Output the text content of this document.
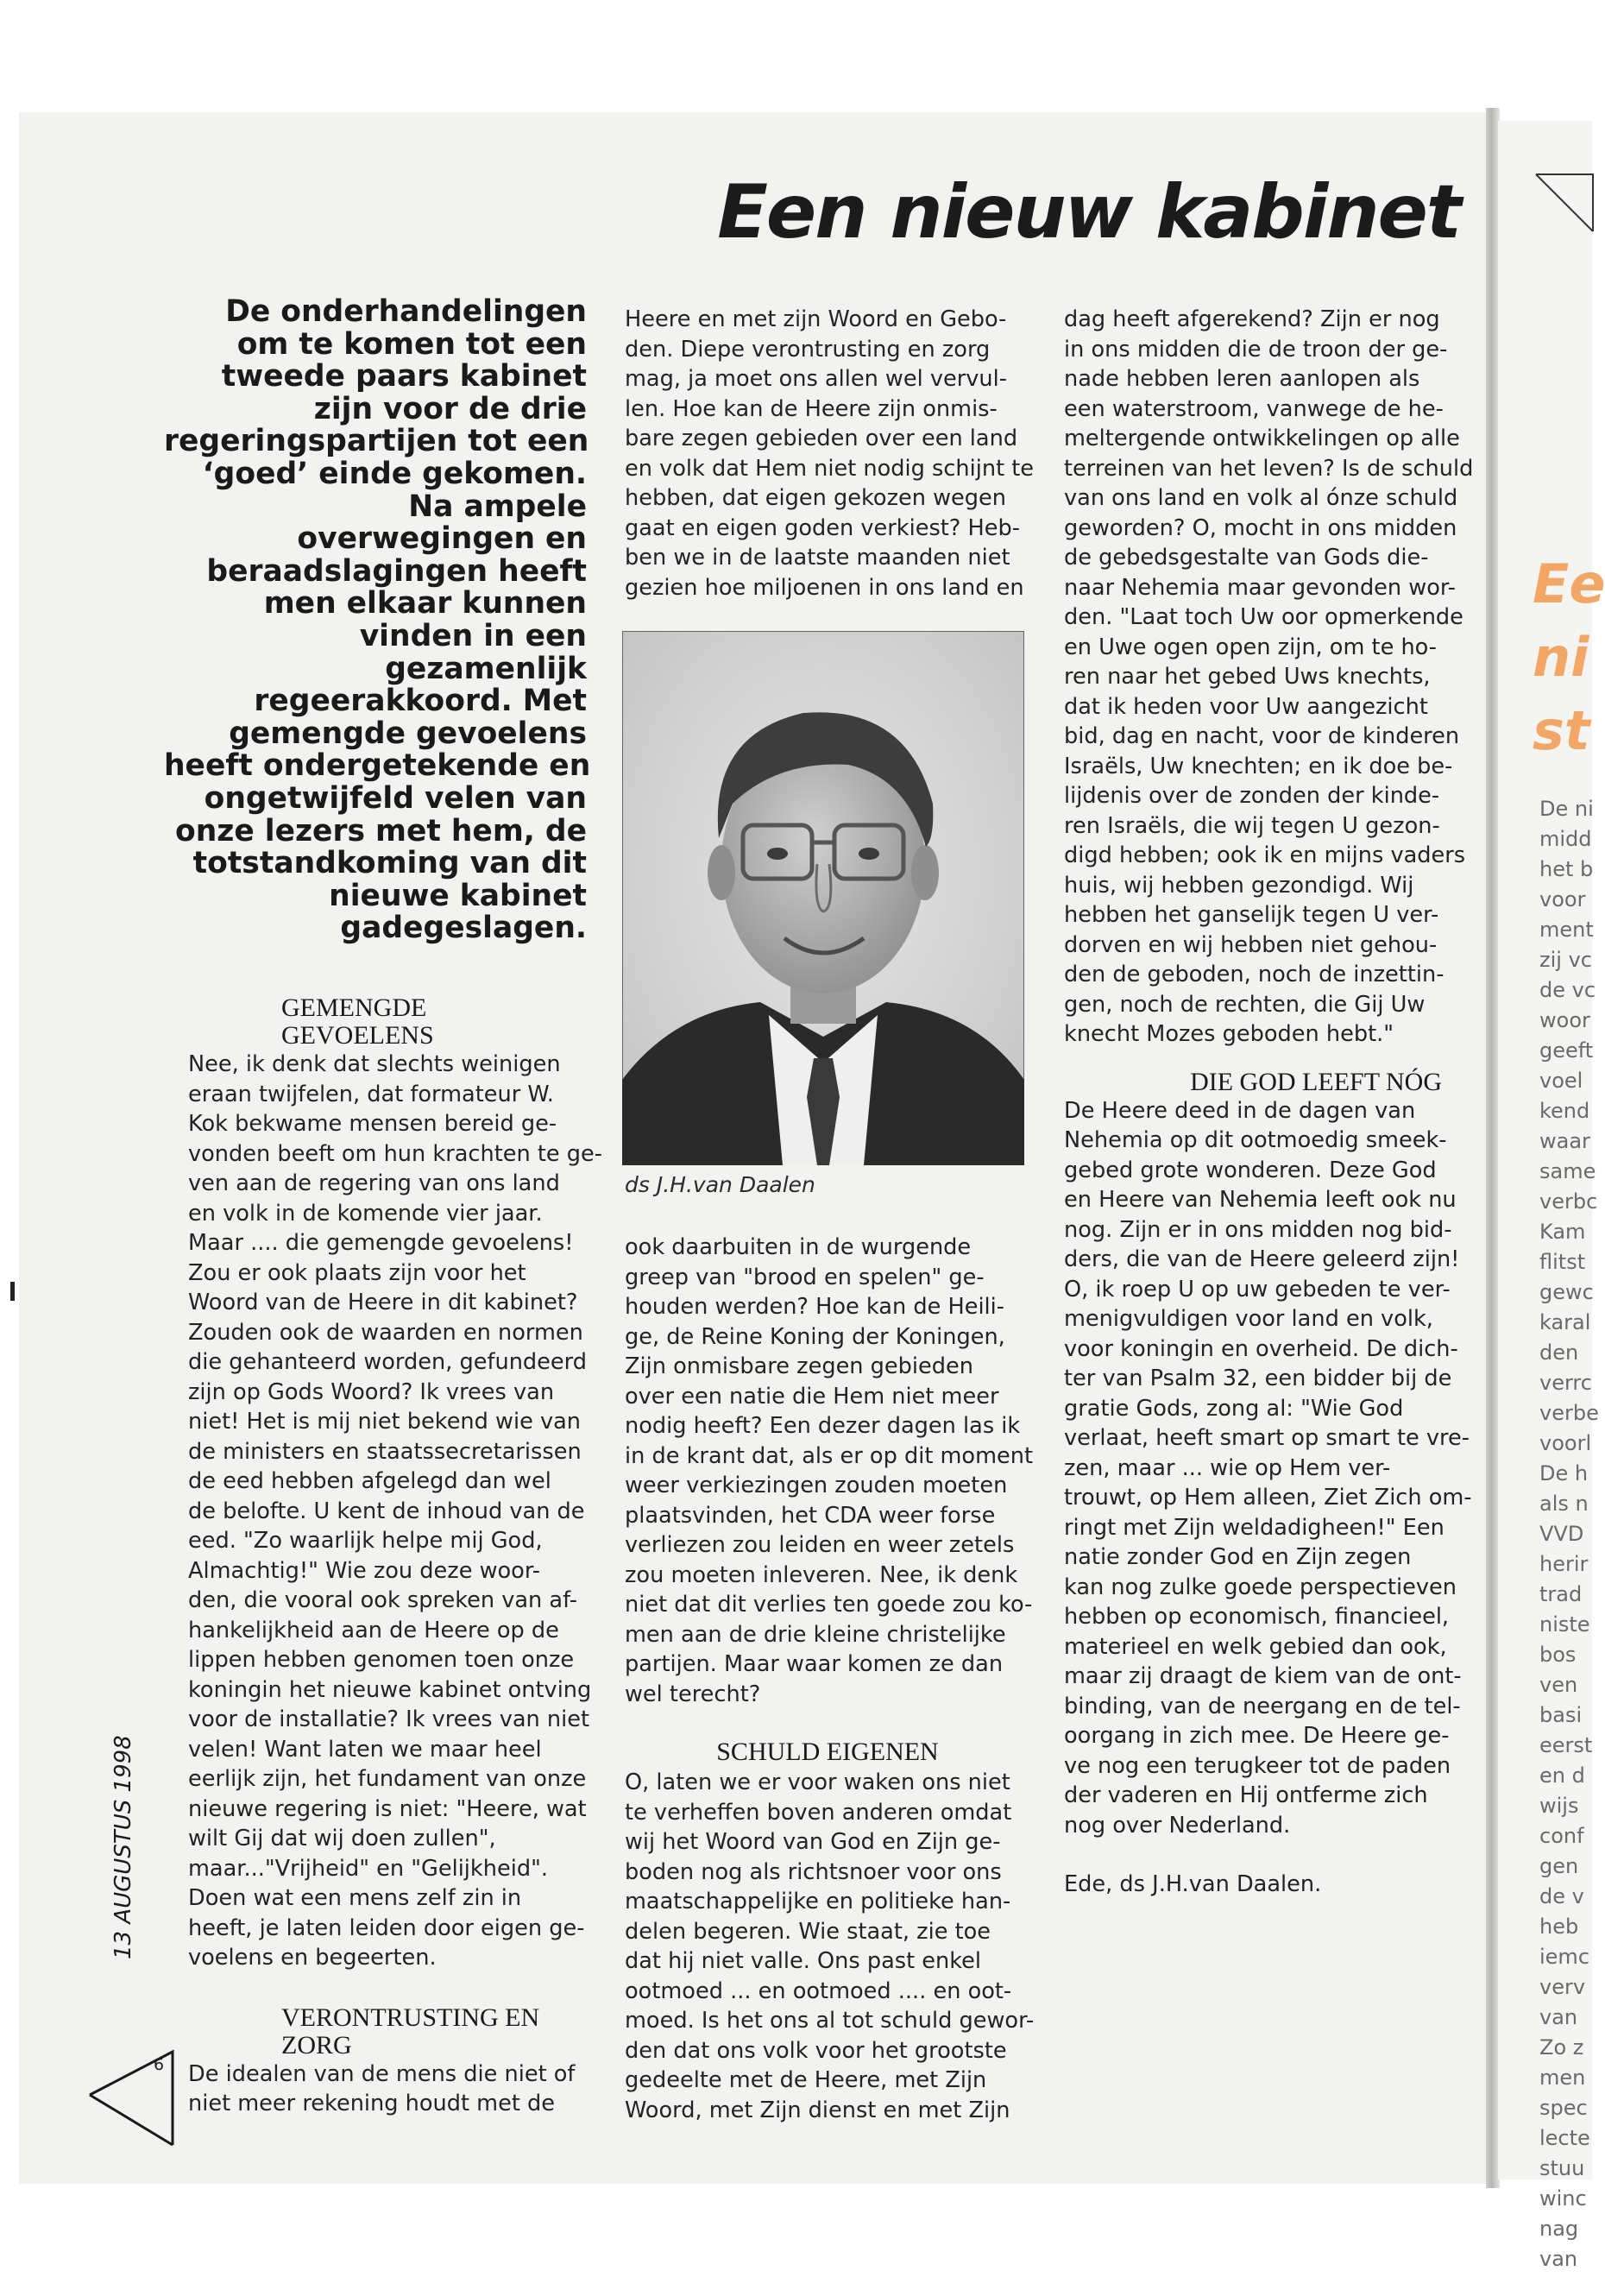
Ee
ni
st
De ni
midd
het b
voor
ment
zij vc
de vc
woor
geeft
voel
kend
waar
same
verbc
Kam
flitst
gewc
karal
den
verrc
verbe
voorl
De h
als n
VVD
herir
trad
niste
bos
ven
basi
eerst
en d
wijs
conf
gen
de v
heb
iemc
verv
van
Zo z
men
spec
lecte
stuu
winc
nag
van
Een nieuw kabinet
De onderhandelingen
om te komen tot een
tweede paars kabinet
zijn voor de drie
regeringspartijen tot een
‘goed’ einde gekomen.
Na ampele
overwegingen en
beraadslagingen heeft
men elkaar kunnen
vinden in een
gezamenlijk
regeerakkoord. Met
gemengde gevoelens
heeft ondergetekende en
ongetwijfeld velen van
onze lezers met hem, de
totstandkoming van dit
nieuwe kabinet
gadegeslagen.
GEMENGDE
GEVOELENS
Nee, ik denk dat slechts weinigen
eraan twijfelen, dat formateur W.
Kok bekwame mensen bereid ge-
vonden beeft om hun krachten te ge-
ven aan de regering van ons land
en volk in de komende vier jaar.
Maar .... die gemengde gevoelens!
Zou er ook plaats zijn voor het
Woord van de Heere in dit kabinet?
Zouden ook de waarden en normen
die gehanteerd worden, gefundeerd
zijn op Gods Woord? Ik vrees van
niet! Het is mij niet bekend wie van
de ministers en staatssecretarissen
de eed hebben afgelegd dan wel
de belofte. U kent de inhoud van de
eed. "Zo waarlijk helpe mij God,
Almachtig!" Wie zou deze woor-
den, die vooral ook spreken van af-
hankelijkheid aan de Heere op de
lippen hebben genomen toen onze
koningin het nieuwe kabinet ontving
voor de installatie? Ik vrees van niet
velen! Want laten we maar heel
eerlijk zijn, het fundament van onze
nieuwe regering is niet: "Heere, wat
wilt Gij dat wij doen zullen",
maar..."Vrijheid" en "Gelijkheid".
Doen wat een mens zelf zin in
heeft, je laten leiden door eigen ge-
voelens en begeerten.
VERONTRUSTING EN
ZORG
De idealen van de mens die niet of
niet meer rekening houdt met de
Heere en met zijn Woord en Gebo-
den. Diepe verontrusting en zorg
mag, ja moet ons allen wel vervul-
len. Hoe kan de Heere zijn onmis-
bare zegen gebieden over een land
en volk dat Hem niet nodig schijnt te
hebben, dat eigen gekozen wegen
gaat en eigen goden verkiest? Heb-
ben we in de laatste maanden niet
gezien hoe miljoenen in ons land en
ds J.H.van Daalen
ook daarbuiten in de wurgende
greep van "brood en spelen" ge-
houden werden? Hoe kan de Heili-
ge, de Reine Koning der Koningen,
Zijn onmisbare zegen gebieden
over een natie die Hem niet meer
nodig heeft? Een dezer dagen las ik
in de krant dat, als er op dit moment
weer verkiezingen zouden moeten
plaatsvinden, het CDA weer forse
verliezen zou leiden en weer zetels
zou moeten inleveren. Nee, ik denk
niet dat dit verlies ten goede zou ko-
men aan de drie kleine christelijke
partijen. Maar waar komen ze dan
wel terecht?
SCHULD EIGENEN
O, laten we er voor waken ons niet
te verheffen boven anderen omdat
wij het Woord van God en Zijn ge-
boden nog als richtsnoer voor ons
maatschappelijke en politieke han-
delen begeren. Wie staat, zie toe
dat hij niet valle. Ons past enkel
ootmoed ... en ootmoed .... en oot-
moed. Is het ons al tot schuld gewor-
den dat ons volk voor het grootste
gedeelte met de Heere, met Zijn
Woord, met Zijn dienst en met Zijn
dag heeft afgerekend? Zijn er nog
in ons midden die de troon der ge-
nade hebben leren aanlopen als
een waterstroom, vanwege de he-
meltergende ontwikkelingen op alle
terreinen van het leven? Is de schuld
van ons land en volk al ónze schuld
geworden? O, mocht in ons midden
de gebedsgestalte van Gods die-
naar Nehemia maar gevonden wor-
den. "Laat toch Uw oor opmerkende
en Uwe ogen open zijn, om te ho-
ren naar het gebed Uws knechts,
dat ik heden voor Uw aangezicht
bid, dag en nacht, voor de kinderen
Israëls, Uw knechten; en ik doe be-
lijdenis over de zonden der kinde-
ren Israëls, die wij tegen U gezon-
digd hebben; ook ik en mijns vaders
huis, wij hebben gezondigd. Wij
hebben het ganselijk tegen U ver-
dorven en wij hebben niet gehou-
den de geboden, noch de inzettin-
gen, noch de rechten, die Gij Uw
knecht Mozes geboden hebt."
DIE GOD LEEFT NÓG
De Heere deed in de dagen van
Nehemia op dit ootmoedig smeek-
gebed grote wonderen. Deze God
en Heere van Nehemia leeft ook nu
nog. Zijn er in ons midden nog bid-
ders, die van de Heere geleerd zijn!
O, ik roep U op uw gebeden te ver-
menigvuldigen voor land en volk,
voor koningin en overheid. De dich-
ter van Psalm 32, een bidder bij de
gratie Gods, zong al: "Wie God
verlaat, heeft smart op smart te vre-
zen, maar ... wie op Hem ver-
trouwt, op Hem alleen, Ziet Zich om-
ringt met Zijn weldadigheen!" Een
natie zonder God en Zijn zegen
kan nog zulke goede perspectieven
hebben op economisch, financieel,
materieel en welk gebied dan ook,
maar zij draagt de kiem van de ont-
binding, van de neergang en de tel-
oorgang in zich mee. De Heere ge-
ve nog een terugkeer tot de paden
der vaderen en Hij ontferme zich
nog over Nederland.
Ede, ds J.H.van Daalen.
13 AUGUSTUS 1998
6
